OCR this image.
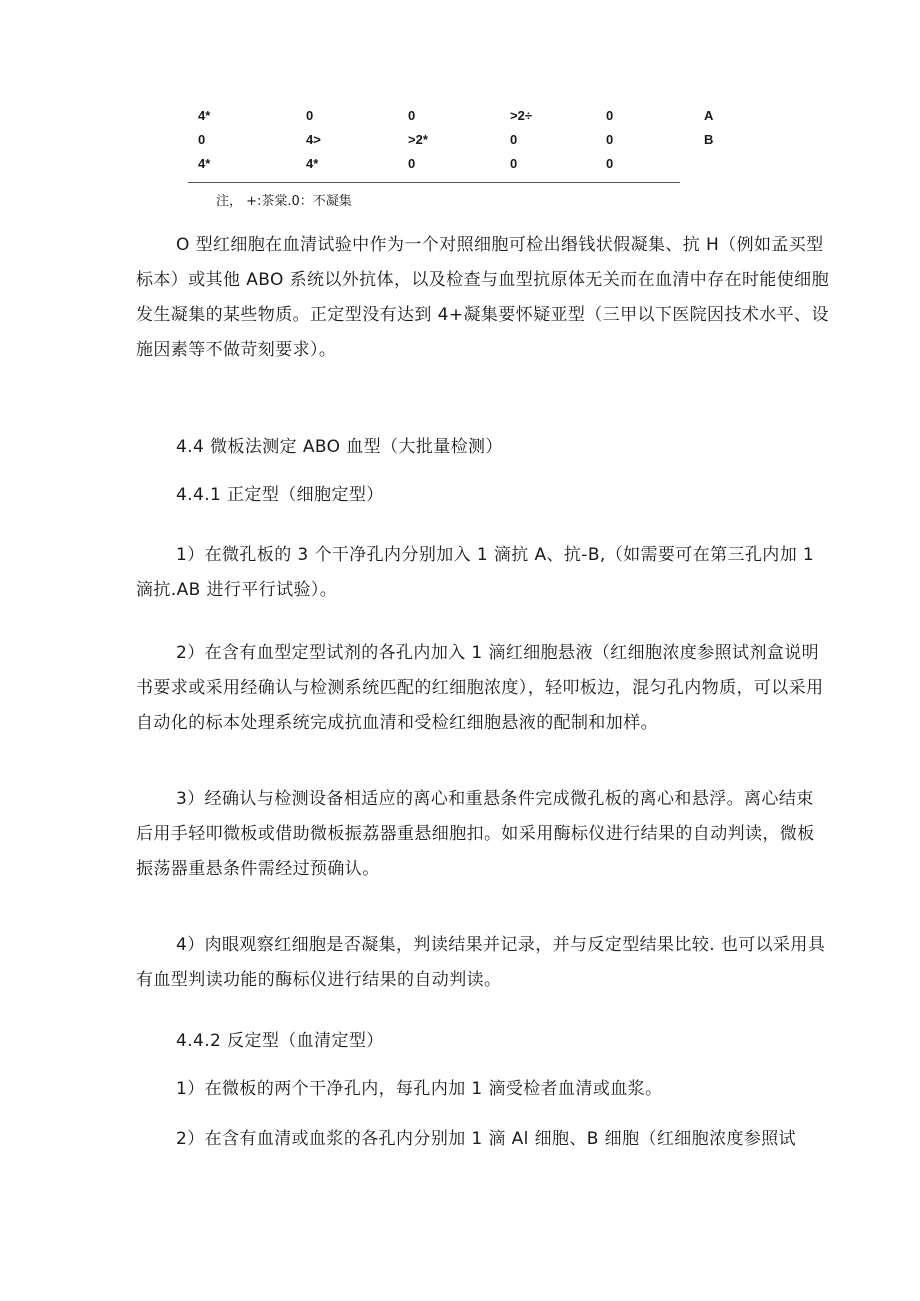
4*	0	0	>2÷	0	A
0	4>	>2*	0	0	B
4*	4*	0	0	0
注， +:茶棠.0：不凝集
O 型红细胞在血清试验中作为一个对照细胞可检出缗钱状假凝集、抗 H（例如孟买型标本）或其他 ABO 系统以外抗体，以及检查与血型抗原体无关而在血清中存在时能使细胞发生凝集的某些物质。正定型没有达到 4+凝集要怀疑亚型（三甲以下医院因技术水平、设施因素等不做苛刻要求）。
4.4 微板法测定 ABO 血型（大批量检测）
4.4.1 正定型（细胞定型）
1）在微孔板的 3 个干净孔内分别加入 1 滴抗 A、抗-B,（如需要可在第三孔内加 1 滴抗.AB 进行平行试验）。
2）在含有血型定型试剂的各孔内加入 1 滴红细胞悬液（红细胞浓度参照试剂盒说明书要求或采用经确认与检测系统匹配的红细胞浓度），轻叩板边，混匀孔内物质，可以采用自动化的标本处理系统完成抗血清和受检红细胞悬液的配制和加样。
3）经确认与检测设备相适应的离心和重悬条件完成微孔板的离心和悬浮。离心结束后用手轻叩微板或借助微板振荔器重悬细胞扣。如采用酶标仪进行结果的自动判读，微板振荡器重悬条件需经过预确认。
4）肉眼观察红细胞是否凝集，判读结果并记录，并与反定型结果比较. 也可以采用具有血型判读功能的酶标仪进行结果的自动判读。
4.4.2 反定型（血清定型）
1）在微板的两个干净孔内，每孔内加 1 滴受检者血清或血浆。
2）在含有血清或血浆的各孔内分别加 1 滴 Al 细胞、B 细胞（红细胞浓度参照试
